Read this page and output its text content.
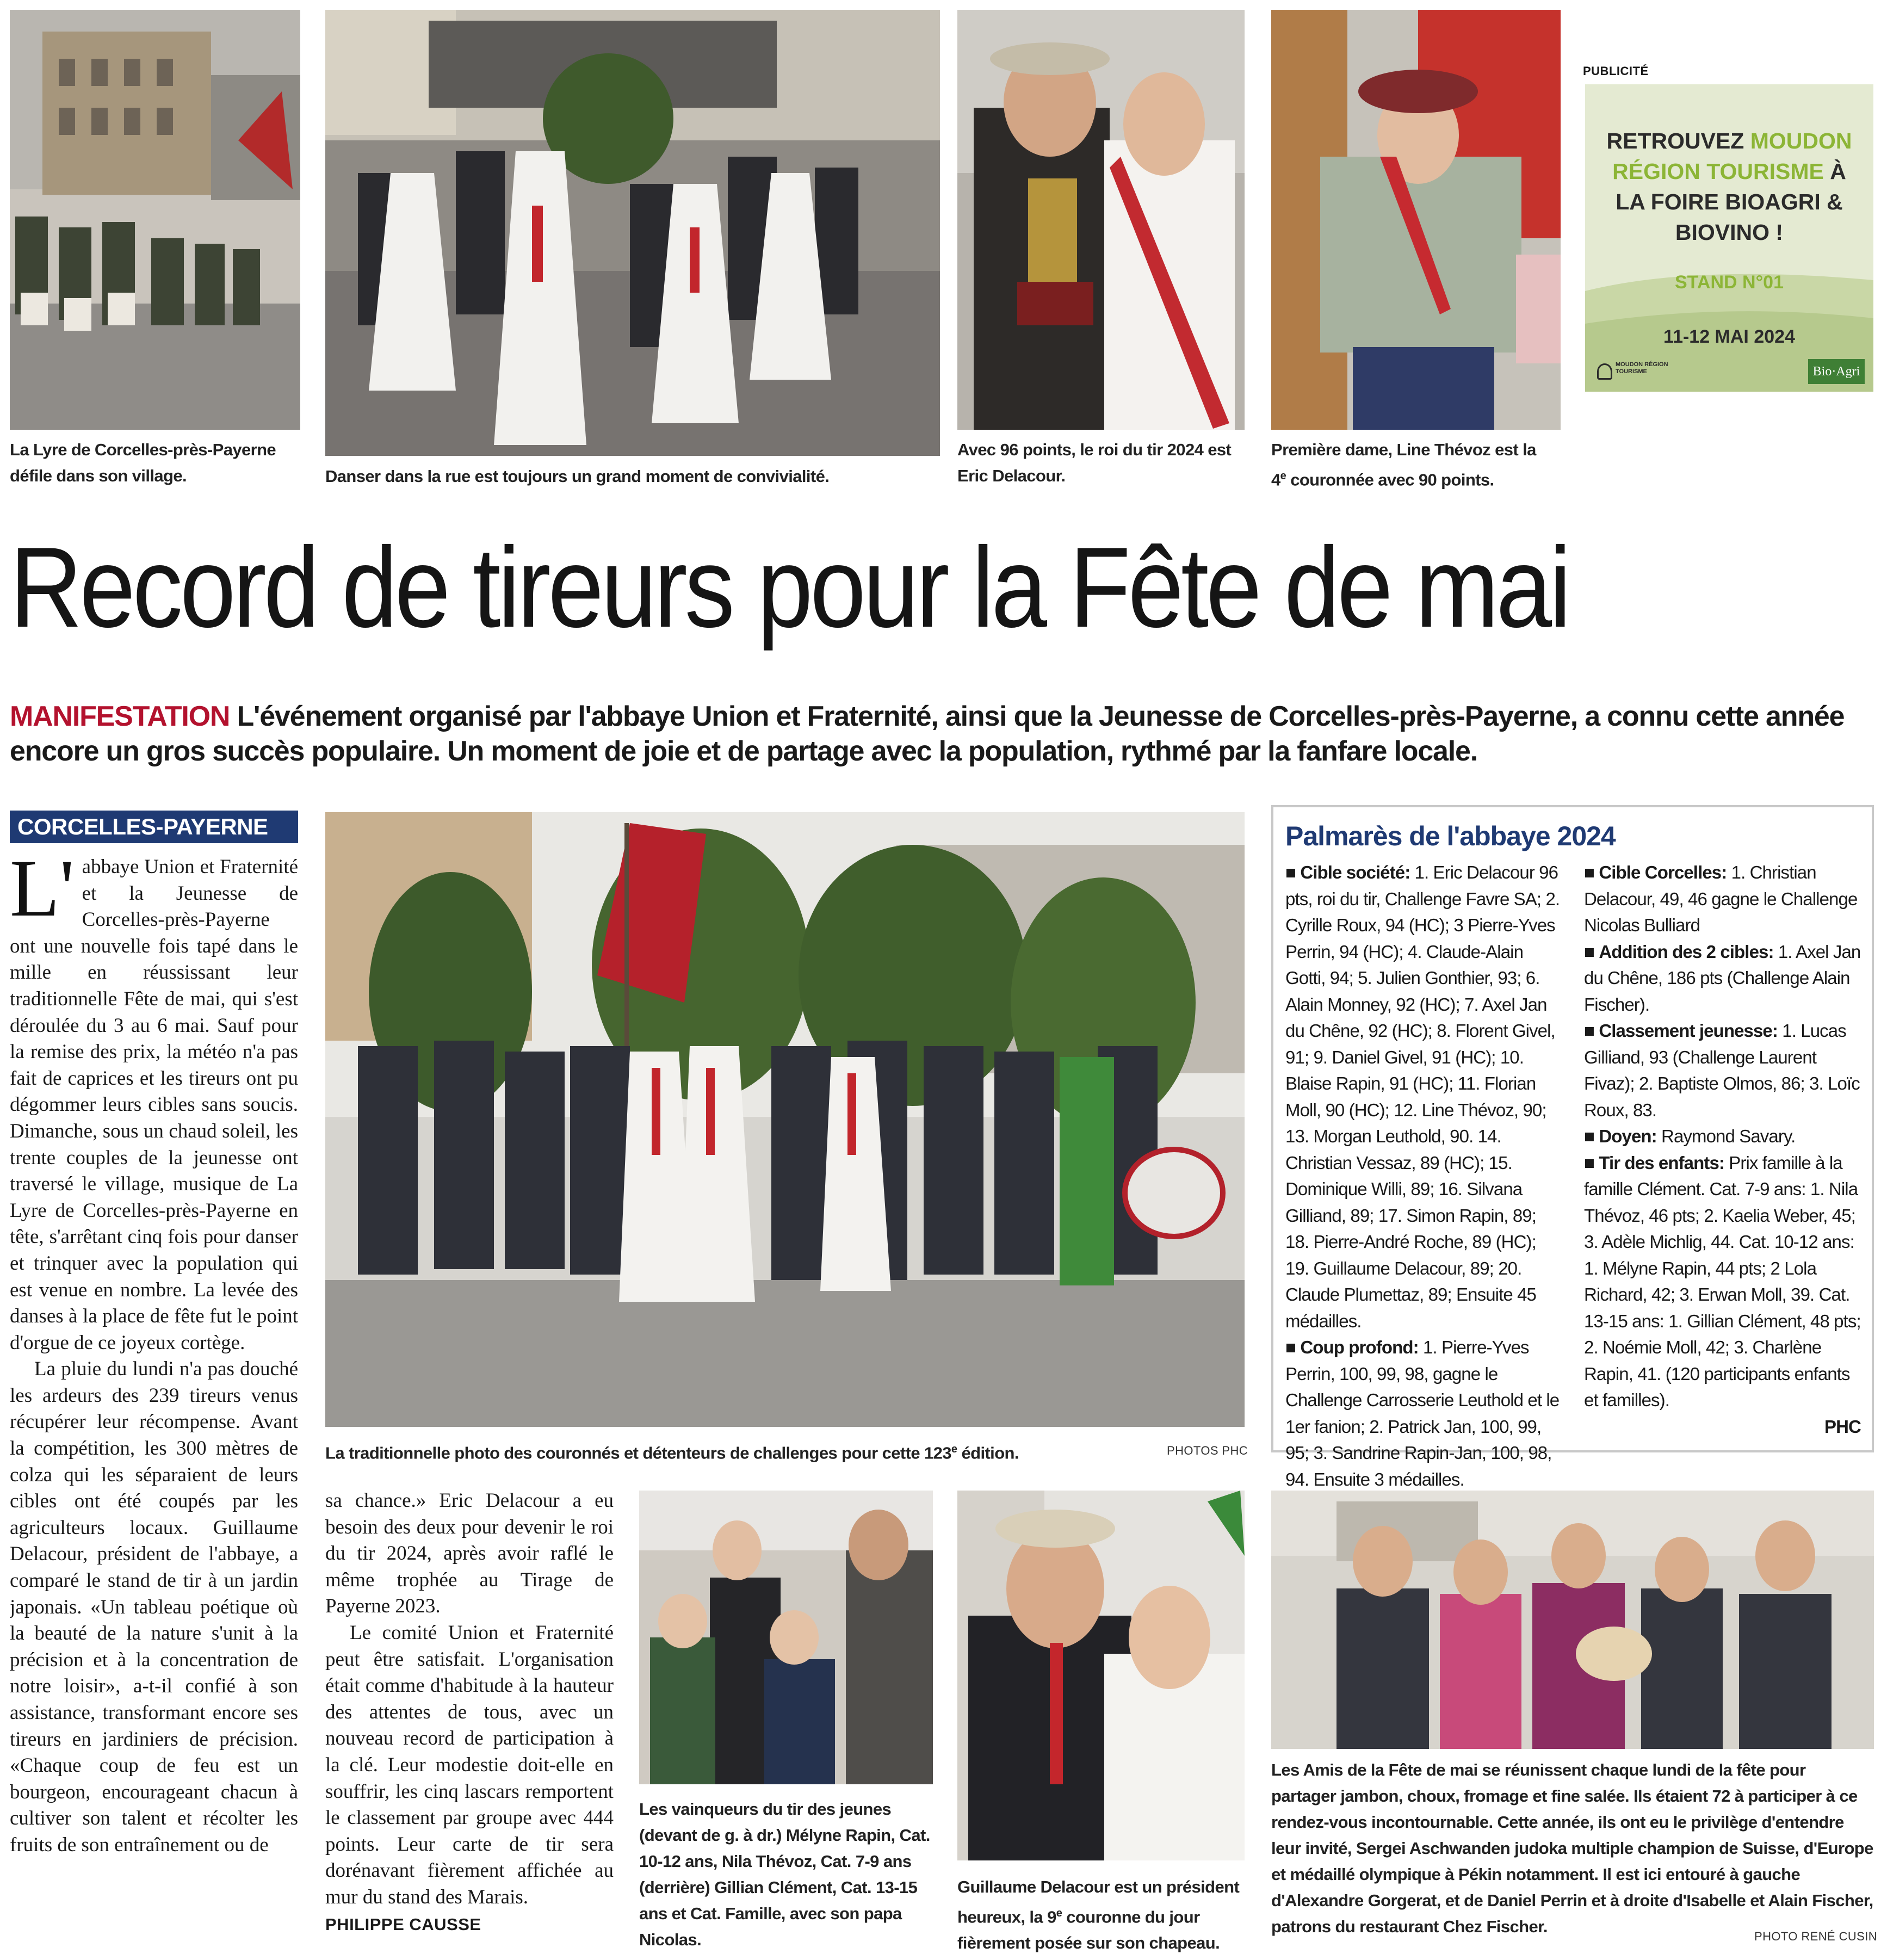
PUBLICITÉ
RETROUVEZ MOUDON
RÉGION TOURISME À
LA FOIRE BIOAGRI &
BIOVINO !
STAND N°01
11-12 MAI 2024
MOUDON RÉGION TOURISME	Bio·Agri
La Lyre de Corcelles-près-Payerne défile dans son village.	Danser dans la rue est toujours un grand moment de convivialité.
Avec 96 points, le roi du tir 2024 est Eric Delacour.
Première dame, Line Thévoz est la 4e couronnée avec 90 points.
Record de tireurs pour la Fête de mai
MANIFESTATION L'événement organisé par l'abbaye Union et Fraternité, ainsi que la Jeunesse de Corcelles-près-Payerne, a connu cette année encore un gros succès populaire. Un moment de joie et de partage avec la population, rythmé par la fanfare locale.
CORCELLES-PAYERNE

L' abbaye Union et Fraternité et la Jeunesse de Corcelles-près-Payerne ont une nouvelle fois tapé dans le mille en réussissant leur traditionnelle Fête de mai, qui s'est déroulée du 3 au 6 mai. Sauf pour la remise des prix, la météo n'a pas fait de caprices et les tireurs ont pu dégommer leurs cibles sans soucis. Dimanche, sous un chaud soleil, les trente couples de la jeunesse ont traversé le village, musique de La Lyre de Corcelles-près-Payerne en tête, s'arrêtant cinq fois pour danser et trinquer avec la population qui est venue en nombre. La levée des danses à la place de fête fut le point d'orgue de ce joyeux cortège.

La pluie du lundi n'a pas douché les ardeurs des 239 tireurs venus récupérer leur récompense. Avant la compétition, les 300 mètres de colza qui les séparaient de leurs cibles ont été coupés par les agriculteurs locaux. Guillaume Delacour, président de l'abbaye, a comparé le stand de tir à un jardin japonais. «Un tableau poétique où la beauté de la nature s'unit à la précision et à la concentration de notre loisir», a-t-il confié à son assistance, transformant encore ses tireurs en jardiniers de précision. «Chaque coup de feu est un bourgeon, encourageant chacun à cultiver son talent et récolter les fruits de son entraînement ou de

sa chance.» Eric Delacour a eu besoin des deux pour devenir le roi du tir 2024, après avoir raflé le même trophée au Tirage de Payerne 2023.

Le comité Union et Fraternité peut être satisfait. L'organisation était comme d'habitude à la hauteur des attentes de tous, avec un nouveau record de participation à la clé. Leur modestie doit-elle en souffrir, les cinq lascars remportent le classement par groupe avec 444 points. Leur carte de tir sera dorénavant fièrement affichée au mur du stand des Marais.

PHILIPPE CAUSSE

La traditionnelle photo des couronnés et détenteurs de challenges pour cette 123e édition.	PHOTOS PHC
Palmarès de l'abbaye 2024
■ Cible société: 1. Eric Delacour 96 pts, roi du tir, Challenge Favre SA; 2. Cyrille Roux, 94 (HC); 3 Pierre-Yves Perrin, 94 (HC); 4. Claude-Alain Gotti, 94; 5. Julien Gonthier, 93; 6. Alain Monney, 92 (HC); 7. Axel Jan du Chêne, 92 (HC); 8. Florent Givel, 91; 9. Daniel Givel, 91 (HC); 10. Blaise Rapin, 91 (HC); 11. Florian Moll, 90 (HC); 12. Line Thévoz, 90; 13. Morgan Leuthold, 90. 14. Christian Vessaz, 89 (HC); 15. Dominique Willi, 89; 16. Silvana Gilliand, 89; 17. Simon Rapin, 89; 18. Pierre-André Roche, 89 (HC); 19. Guillaume Delacour, 89; 20. Claude Plumettaz, 89; Ensuite 45 médailles.
■ Coup profond: 1. Pierre-Yves Perrin, 100, 99, 98, gagne le Challenge Carrosserie Leuthold et le 1er fanion; 2. Patrick Jan, 100, 99, 95; 3. Sandrine Rapin-Jan, 100, 98, 94. Ensuite 3 médailles.
■ Cible Corcelles: 1. Christian Delacour, 49, 46 gagne le Challenge Nicolas Bulliard
■ Addition des 2 cibles: 1. Axel Jan du Chêne, 186 pts (Challenge Alain Fischer).
■ Classement jeunesse: 1. Lucas Gilliand, 93 (Challenge Laurent Fivaz); 2. Baptiste Olmos, 86; 3. Loïc Roux, 83.
■ Doyen: Raymond Savary.
■ Tir des enfants: Prix famille à la famille Clément. Cat. 7-9 ans: 1. Nila Thévoz, 46 pts; 2. Kaelia Weber, 45; 3. Adèle Michlig, 44. Cat. 10-12 ans: 1. Mélyne Rapin, 44 pts; 2 Lola Richard, 42; 3. Erwan Moll, 39. Cat. 13-15 ans: 1. Gillian Clément, 48 pts; 2. Noémie Moll, 42; 3. Charlène Rapin, 41. (120 participants enfants et familles).
PHC
Les vainqueurs du tir des jeunes (devant de g. à dr.) Mélyne Rapin, Cat. 10-12 ans, Nila Thévoz, Cat. 7-9 ans (derrière) Gillian Clément, Cat. 13-15 ans et Cat. Famille, avec son papa Nicolas.
Guillaume Delacour est un président heureux, la 9e couronne du jour fièrement posée sur son chapeau.
Les Amis de la Fête de mai se réunissent chaque lundi de la fête pour partager jambon, choux, fromage et fine salée. Ils étaient 72 à participer à ce rendez-vous incontournable. Cette année, ils ont eu le privilège d'entendre leur invité, Sergei Aschwanden judoka multiple champion de Suisse, d'Europe et médaillé olympique à Pékin notamment. Il est ici entouré à gauche d'Alexandre Gorgerat, et de Daniel Perrin et à droite d'Isabelle et Alain Fischer, patrons du restaurant Chez Fischer.
PHOTO RENÉ CUSIN
